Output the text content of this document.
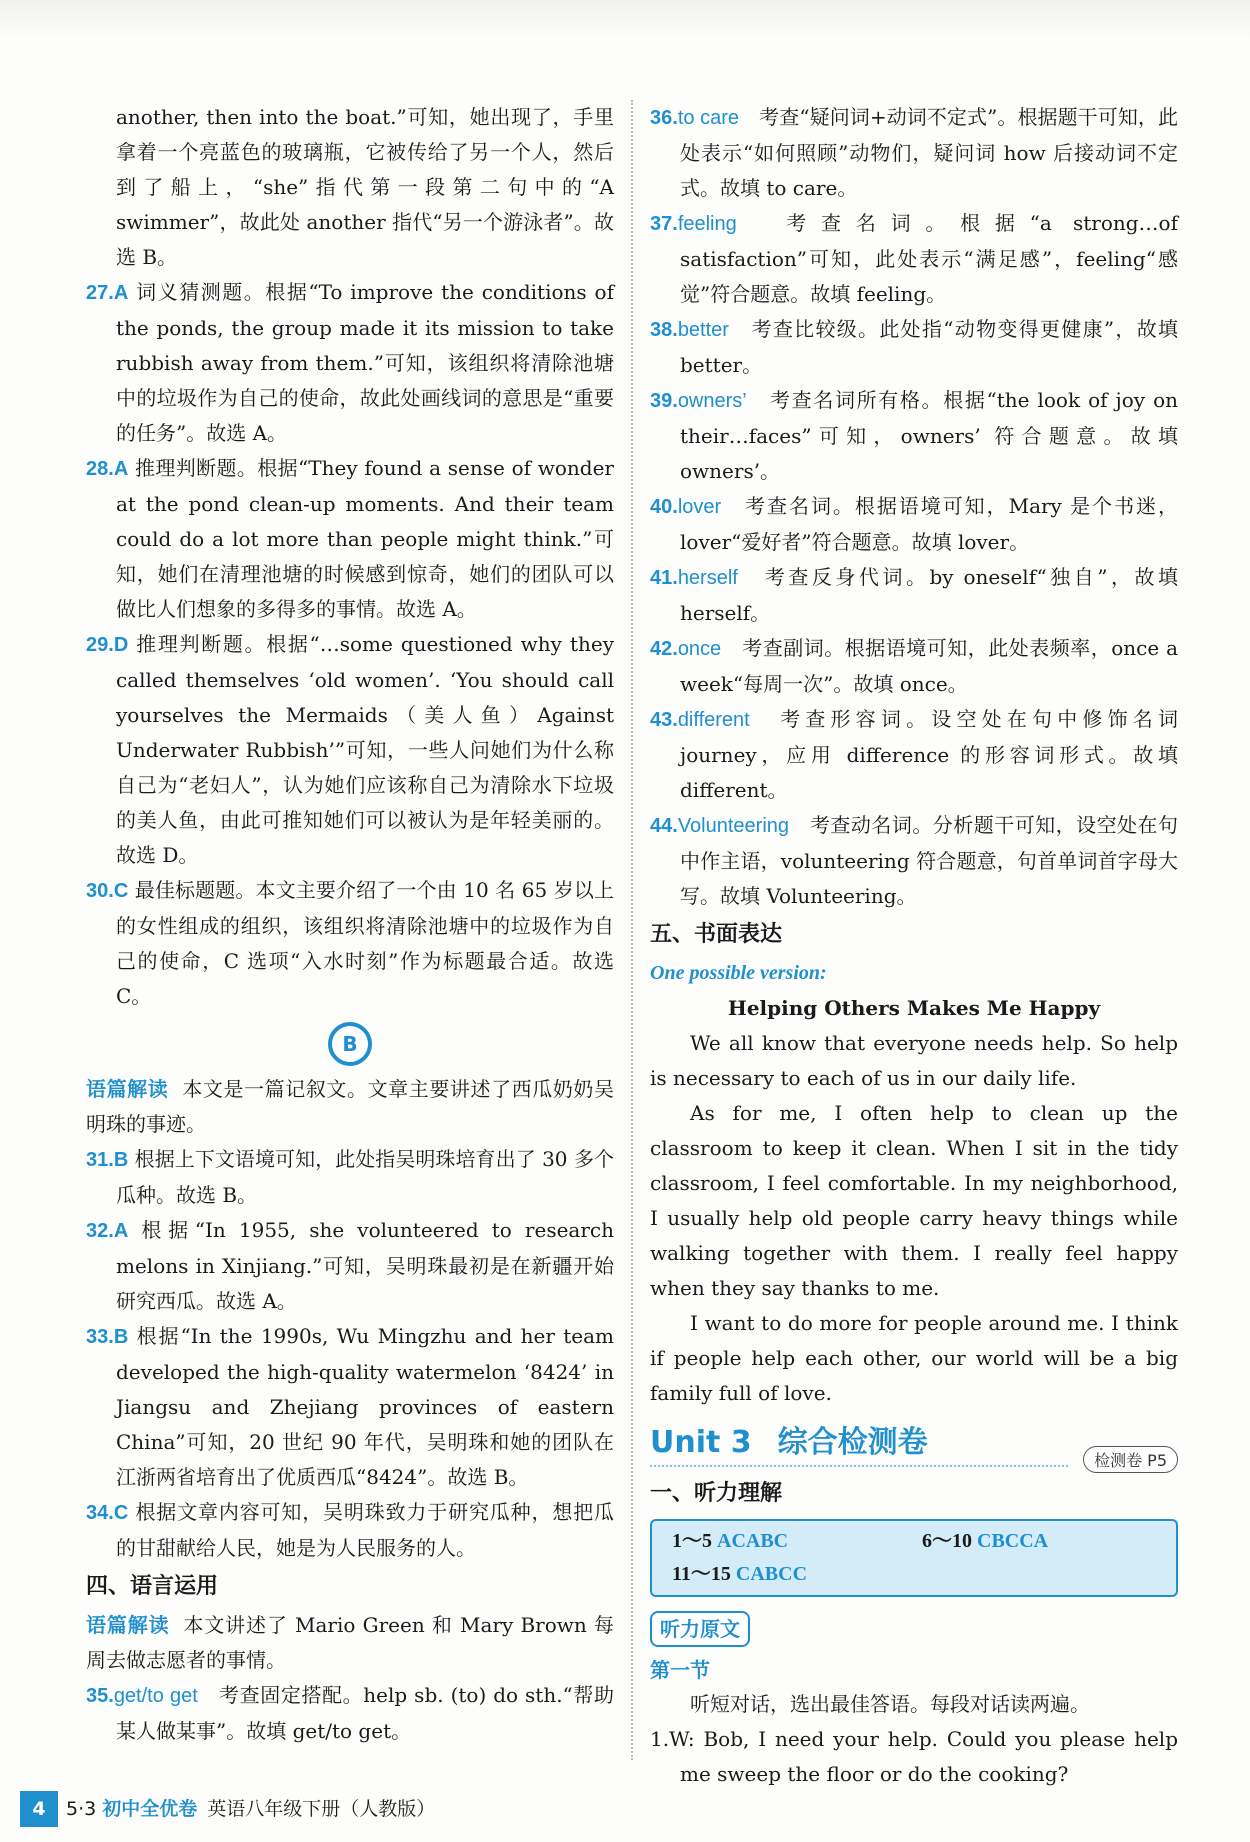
another, then into the boat.”可知，她出现了，手里拿着一个亮蓝色的玻璃瓶，它被传给了另一个人，然后到了船上，“she”指代第一段第二句中的“A swimmer”，故此处 another 指代“另一个游泳者”。故选 B。

27.A 词义猜测题。根据“To improve the conditions of the ponds, the group made it its mission to take rubbish away from them.”可知，该组织将清除池塘中的垃圾作为自己的使命，故此处画线词的意思是“重要的任务”。故选 A。

28.A 推理判断题。根据“They found a sense of wonder at the pond clean-up moments. And their team could do a lot more than people might think.”可知，她们在清理池塘的时候感到惊奇，她们的团队可以做比人们想象的多得多的事情。故选 A。

29.D 推理判断题。根据“…some questioned why they called themselves ‘old women’. ‘You should call yourselves the Mermaids（美人鱼）Against Underwater Rubbish’”可知，一些人问她们为什么称自己为“老妇人”，认为她们应该称自己为清除水下垃圾的美人鱼，由此可推知她们可以被认为是年轻美丽的。故选 D。

30.C 最佳标题题。本文主要介绍了一个由 10 名 65 岁以上的女性组成的组织，该组织将清除池塘中的垃圾作为自己的使命，C 选项“入水时刻”作为标题最合适。故选 C。

B

语篇解读 本文是一篇记叙文。文章主要讲述了西瓜奶奶吴明珠的事迹。

31.B 根据上下文语境可知，此处指吴明珠培育出了 30 多个瓜种。故选 B。

32.A 根据“In 1955, she volunteered to research melons in Xinjiang.”可知，吴明珠最初是在新疆开始研究西瓜。故选 A。

33.B 根据“In the 1990s, Wu Mingzhu and her team developed the high-quality watermelon ‘8424’ in Jiangsu and Zhejiang provinces of eastern China”可知，20 世纪 90 年代，吴明珠和她的团队在江浙两省培育出了优质西瓜“8424”。故选 B。

34.C 根据文章内容可知，吴明珠致力于研究瓜种，想把瓜的甘甜献给人民，她是为人民服务的人。

四、语言运用

语篇解读 本文讲述了 Mario Green 和 Mary Brown 每周去做志愿者的事情。

35.get/to get　考查固定搭配。help sb. (to) do sth.“帮助某人做某事”。故填 get/to get。

36.to care　考查“疑问词+动词不定式”。根据题干可知，此处表示“如何照顾”动物们，疑问词 how 后接动词不定式。故填 to care。

37.feeling　考查名词。根据“a strong…of satisfaction”可知，此处表示“满足感”，feeling“感觉”符合题意。故填 feeling。

38.better　考查比较级。此处指“动物变得更健康”，故填 better。

39.owners’　考查名词所有格。根据“the look of joy on their…faces”可知，owners’ 符合题意。故填 owners’。

40.lover　考查名词。根据语境可知，Mary 是个书迷，lover“爱好者”符合题意。故填 lover。

41.herself　考查反身代词。by oneself“独自”，故填 herself。

42.once　考查副词。根据语境可知，此处表频率，once a week“每周一次”。故填 once。

43.different　考查形容词。设空处在句中修饰名词 journey，应用 difference 的形容词形式。故填 different。

44.Volunteering　考查动名词。分析题干可知，设空处在句中作主语，volunteering 符合题意，句首单词首字母大写。故填 Volunteering。

五、书面表达
One possible version:
Helping Others Makes Me Happy

We all know that everyone needs help. So help is necessary to each of us in our daily life.

As for me, I often help to clean up the classroom to keep it clean. When I sit in the tidy classroom, I feel comfortable. In my neighborhood, I usually help old people carry heavy things while walking together with them. I really feel happy when they say thanks to me.

I want to do more for people around me. I think if people help each other, our world will be a big family full of love.

Unit 3 综合检测卷
检测卷 P5
一、听力理解
1～5 ACABC	6～10 CBCCA
11～15 CABCC
听力原文
第一节

听短对话，选出最佳答语。每段对话读两遍。

1.W: Bob, I need your help. Could you please help me sweep the floor or do the cooking?

4 5·3 初中全优卷 英语八年级下册（人教版）
